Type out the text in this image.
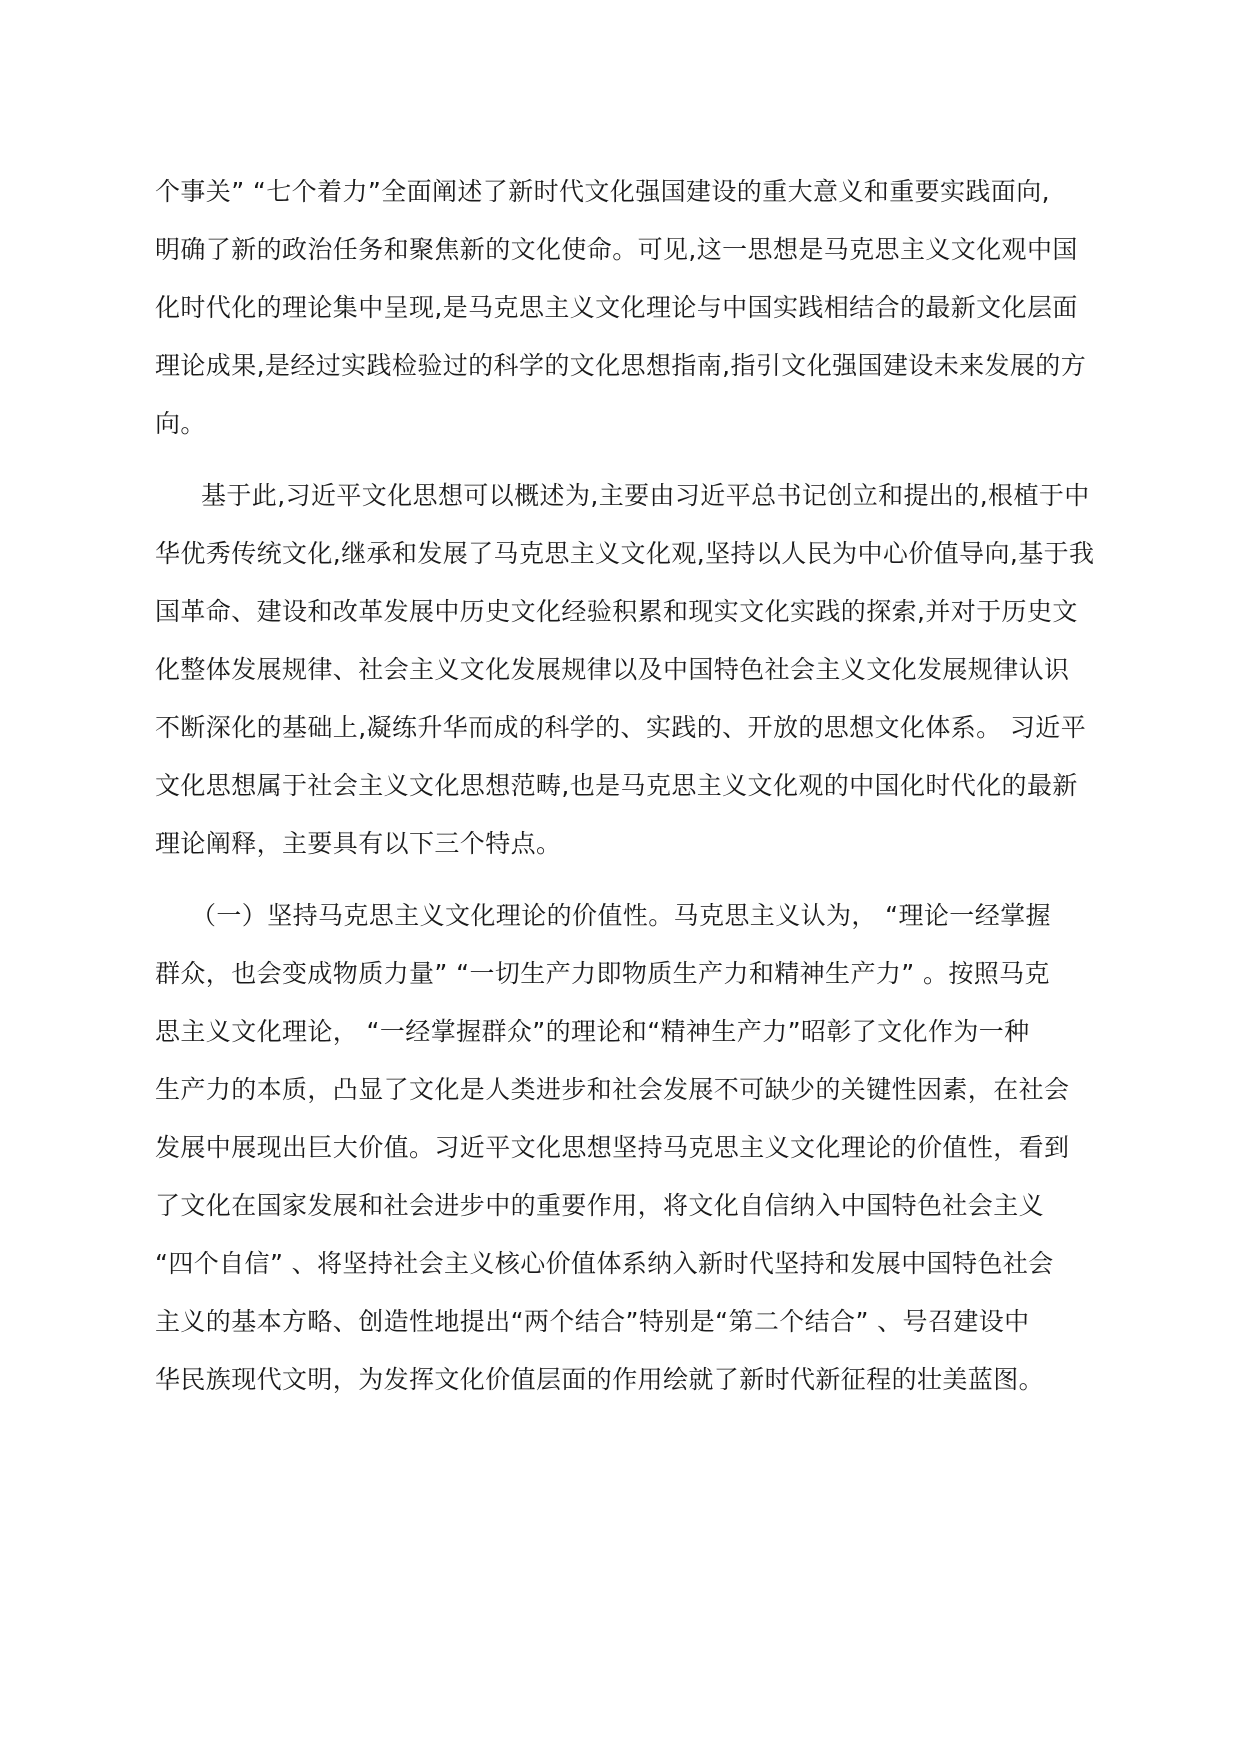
个事关” “七个着力”全面阐述了新时代文化强国建设的重大意义和重要实践面向,
明确了新的政治任务和聚焦新的文化使命。可见,这一思想是马克思主义文化观中国
化时代化的理论集中呈现,是马克思主义文化理论与中国实践相结合的最新文化层面
理论成果,是经过实践检验过的科学的文化思想指南,指引文化强国建设未来发展的方
向。
基于此,习近平文化思想可以概述为,主要由习近平总书记创立和提出的,根植于中
华优秀传统文化,继承和发展了马克思主义文化观,坚持以人民为中心价值导向,基于我
国革命、建设和改革发展中历史文化经验积累和现实文化实践的探索,并对于历史文
化整体发展规律、社会主义文化发展规律以及中国特色社会主义文化发展规律认识
不断深化的基础上,凝练升华而成的科学的、实践的、开放的思想文化体系。 习近平
文化思想属于社会主义文化思想范畴,也是马克思主义文化观的中国化时代化的最新
理论阐释，主要具有以下三个特点。
（一）坚持马克思主义文化理论的价值性。马克思主义认为， “理论一经掌握
群众，也会变成物质力量” “一切生产力即物质生产力和精神生产力” 。按照马克
思主义文化理论， “一经掌握群众”的理论和“精神生产力”昭彰了文化作为一种
生产力的本质，凸显了文化是人类进步和社会发展不可缺少的关键性因素，在社会
发展中展现出巨大价值。习近平文化思想坚持马克思主义文化理论的价值性，看到
了文化在国家发展和社会进步中的重要作用，将文化自信纳入中国特色社会主义
“四个自信” 、将坚持社会主义核心价值体系纳入新时代坚持和发展中国特色社会
主义的基本方略、创造性地提出“两个结合”特别是“第二个结合” 、号召建设中
华民族现代文明，为发挥文化价值层面的作用绘就了新时代新征程的壮美蓝图。
